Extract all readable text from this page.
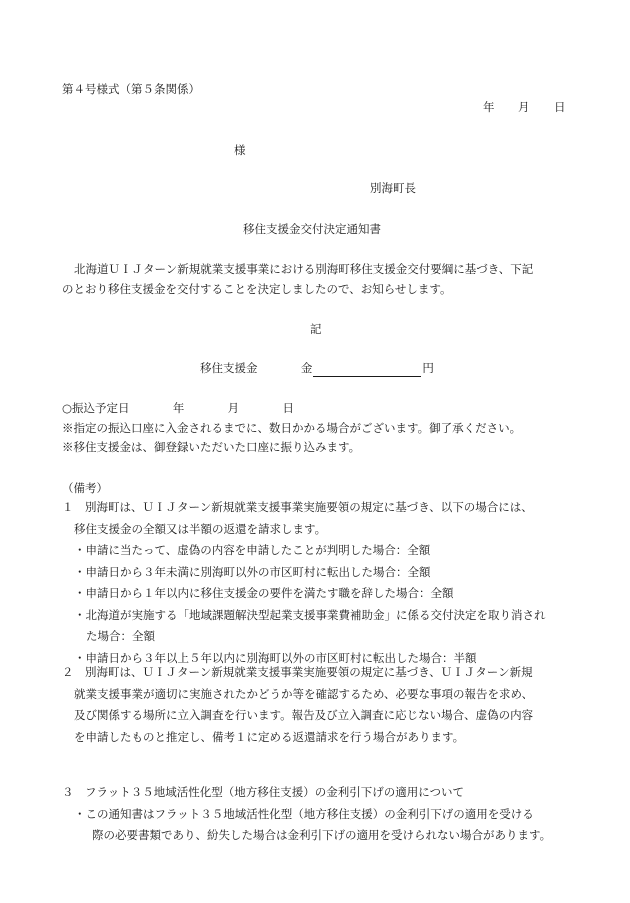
第４号様式（第５条関係）
年 月 日
様
別海町長
移住支援金交付決定通知書
北海道ＵＩＪターン新規就業支援事業における別海町移住支援金交付要綱に基づき、下記
のとおり移住支援金を交付することを決定しましたので、お知らせします。
記
移住支援金	金	円
○振込予定日	年	月	日
※指定の振込口座に入金されるまでに、数日かかる場合がございます。御了承ください。
※移住支援金は、御登録いただいた口座に振り込みます。
（備考）
１　別海町は、ＵＩＪターン新規就業支援事業実施要領の規定に基づき、以下の場合には、
移住支援金の全額又は半額の返還を請求します。
・申請に当たって、虚偽の内容を申請したことが判明した場合：全額
・申請日から３年未満に別海町以外の市区町村に転出した場合：全額
・申請日から１年以内に移住支援金の要件を満たす職を辞した場合：全額
・北海道が実施する「地域課題解決型起業支援事業費補助金」に係る交付決定を取り消され
た場合：全額
・申請日から３年以上５年以内に別海町以外の市区町村に転出した場合：半額
２　別海町は、ＵＩＪターン新規就業支援事業実施要領の規定に基づき、ＵＩＪターン新規
就業支援事業が適切に実施されたかどうか等を確認するため、必要な事項の報告を求め、
及び関係する場所に立入調査を行います。報告及び立入調査に応じない場合、虚偽の内容
を申請したものと推定し、備考１に定める返還請求を行う場合があります。
３　フラット３５地域活性化型（地方移住支援）の金利引下げの適用について
・この通知書はフラット３５地域活性化型（地方移住支援）の金利引下げの適用を受ける
際の必要書類であり、紛失した場合は金利引下げの適用を受けられない場合があります。
